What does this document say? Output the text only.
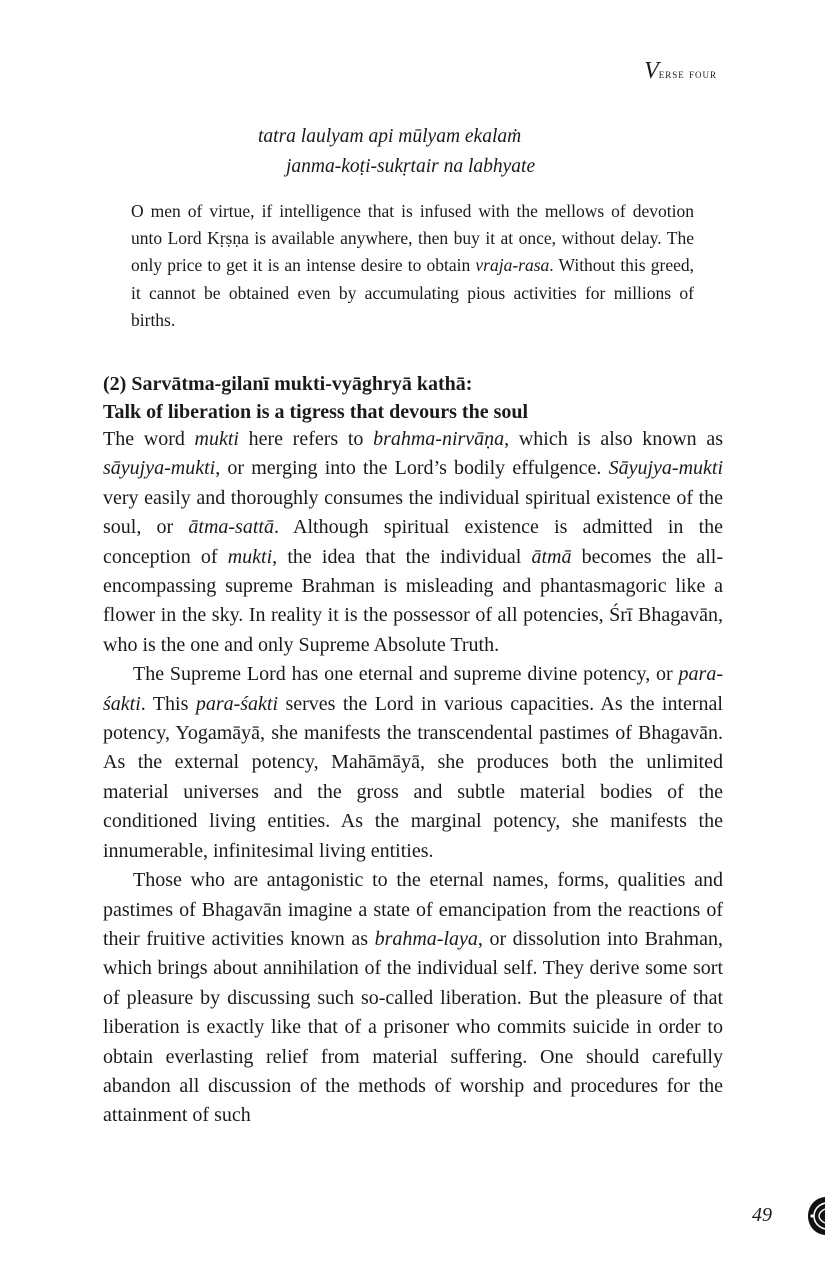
Verse four
tatra laulyam api mūlyam ekalaṁ
janma-koṭi-sukṛtair na labhyate

O men of virtue, if intelligence that is infused with the mellows of devotion unto Lord Kṛṣṇa is available anywhere, then buy it at once, without delay. The only price to get it is an intense desire to obtain vraja-rasa. Without this greed, it cannot be obtained even by accumulating pious activities for millions of births.

(2) Sarvātma-gilanī mukti-vyāghryā kathā:
Talk of liberation is a tigress that devours the soul

The word mukti here refers to brahma-nirvāṇa, which is also known as sāyujya-mukti, or merging into the Lord’s bodily effulgence. Sāyujya-mukti very easily and thoroughly consumes the individual spiritual existence of the soul, or ātma-sattā. Although spiritual existence is admitted in the conception of mukti, the idea that the individual ātmā becomes the all-encompassing supreme Brahman is misleading and phantasmagoric like a flower in the sky. In reality it is the possessor of all potencies, Śrī Bhagavān, who is the one and only Supreme Absolute Truth.

The Supreme Lord has one eternal and supreme divine potency, or para-śakti. This para-śakti serves the Lord in various capacities. As the internal potency, Yogamāyā, she manifests the transcendental pastimes of Bhagavān. As the external potency, Mahāmāyā, she produces both the unlimited material universes and the gross and subtle material bodies of the conditioned living entities. As the marginal potency, she manifests the innumerable, infinitesimal living entities.

Those who are antagonistic to the eternal names, forms, qualities and pastimes of Bhagavān imagine a state of emancipation from the reactions of their fruitive activities known as brahma-laya, or dissolution into Brahman, which brings about annihilation of the individual self. They derive some sort of pleasure by discussing such so-called liberation. But the pleasure of that liberation is exactly like that of a prisoner who commits suicide in order to obtain everlasting relief from material suffering. One should carefully abandon all discussion of the methods of worship and procedures for the attainment of such

49
